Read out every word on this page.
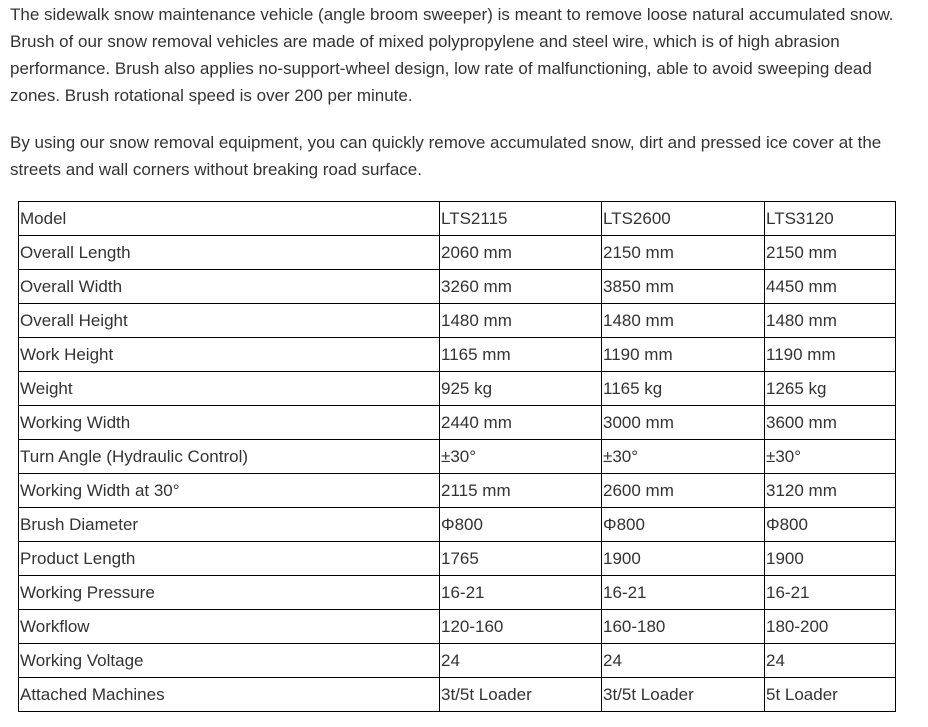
The sidewalk snow maintenance vehicle (angle broom sweeper) is meant to remove loose natural accumulated snow. Brush of our snow removal vehicles are made of mixed polypropylene and steel wire, which is of high abrasion performance. Brush also applies no-support-wheel design, low rate of malfunctioning, able to avoid sweeping dead zones. Brush rotational speed is over 200 per minute.

By using our snow removal equipment, you can quickly remove accumulated snow, dirt and pressed ice cover at the streets and wall corners without breaking road surface.

Model	LTS2115	LTS2600	LTS3120
Overall Length	2060 mm	2150 mm	2150 mm
Overall Width	3260 mm	3850 mm	4450 mm
Overall Height	1480 mm	1480 mm	1480 mm
Work Height	1165 mm	1190 mm	1190 mm
Weight	925 kg	1165 kg	1265 kg
Working Width	2440 mm	3000 mm	3600 mm
Turn Angle (Hydraulic Control)	±30°	±30°	±30°
Working Width at 30°	2115 mm	2600 mm	3120 mm
Brush Diameter	Φ800	Φ800	Φ800
Product Length	1765	1900	1900
Working Pressure	16-21	16-21	16-21
Workflow	120-160	160-180	180-200
Working Voltage	24	24	24
Attached Machines	3t/5t Loader	3t/5t Loader	5t Loader
